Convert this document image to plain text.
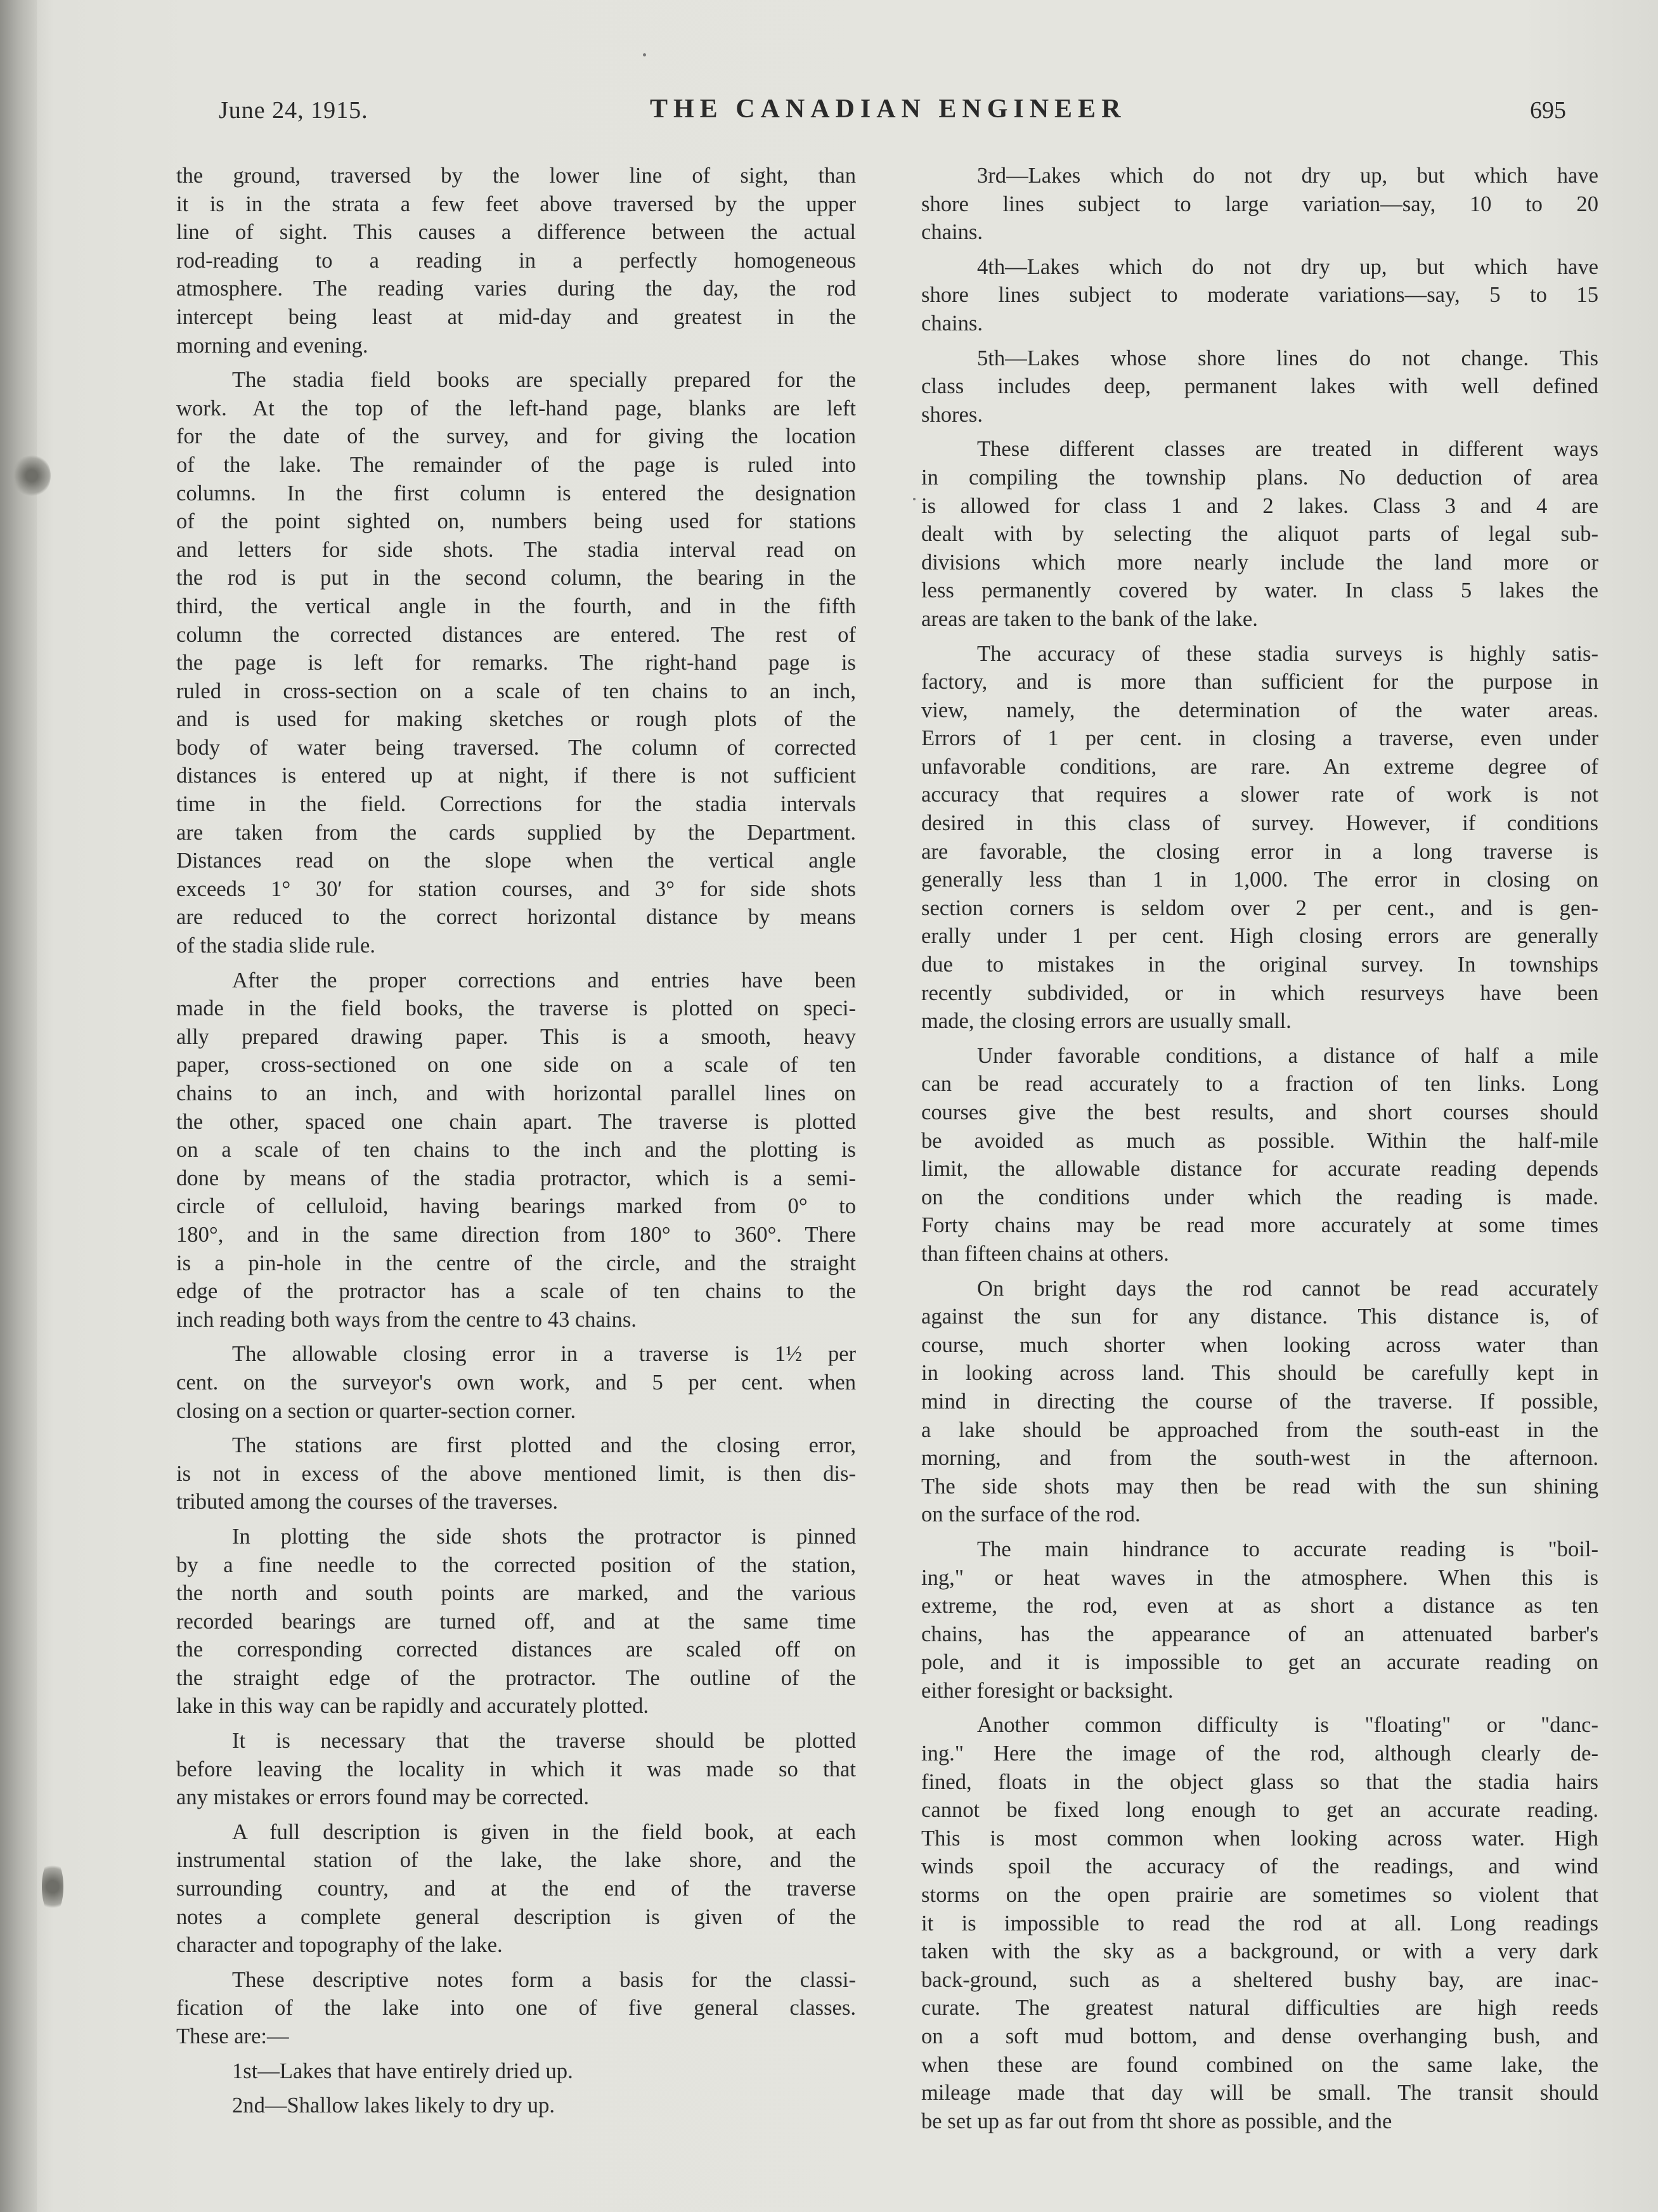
June 24, 1915.	THE CANADIAN ENGINEER	695
the ground, traversed by the lower line of sight, than
it is in the strata a few feet above traversed by the upper
line of sight. This causes a difference between the actual
rod-reading to a reading in a perfectly homogeneous
atmosphere. The reading varies during the day, the rod
intercept being least at mid-day and greatest in the
morning and evening.
The stadia field books are specially prepared for the
work. At the top of the left-hand page, blanks are left
for the date of the survey, and for giving the location
of the lake. The remainder of the page is ruled into
columns. In the first column is entered the designation
of the point sighted on, numbers being used for stations
and letters for side shots. The stadia interval read on
the rod is put in the second column, the bearing in the
third, the vertical angle in the fourth, and in the fifth
column the corrected distances are entered. The rest of
the page is left for remarks. The right-hand page is
ruled in cross-section on a scale of ten chains to an inch,
and is used for making sketches or rough plots of the
body of water being traversed. The column of corrected
distances is entered up at night, if there is not sufficient
time in the field. Corrections for the stadia intervals
are taken from the cards supplied by the Department.
Distances read on the slope when the vertical angle
exceeds 1° 30′ for station courses, and 3° for side shots
are reduced to the correct horizontal distance by means
of the stadia slide rule.
After the proper corrections and entries have been
made in the field books, the traverse is plotted on speci-
ally prepared drawing paper. This is a smooth, heavy
paper, cross-sectioned on one side on a scale of ten
chains to an inch, and with horizontal parallel lines on
the other, spaced one chain apart. The traverse is plotted
on a scale of ten chains to the inch and the plotting is
done by means of the stadia protractor, which is a semi-
circle of celluloid, having bearings marked from 0° to
180°, and in the same direction from 180° to 360°. There
is a pin-hole in the centre of the circle, and the straight
edge of the protractor has a scale of ten chains to the
inch reading both ways from the centre to 43 chains.
The allowable closing error in a traverse is 1½ per
cent. on the surveyor's own work, and 5 per cent. when
closing on a section or quarter-section corner.
The stations are first plotted and the closing error,
is not in excess of the above mentioned limit, is then dis-
tributed among the courses of the traverses.
In plotting the side shots the protractor is pinned
by a fine needle to the corrected position of the station,
the north and south points are marked, and the various
recorded bearings are turned off, and at the same time
the corresponding corrected distances are scaled off on
the straight edge of the protractor. The outline of the
lake in this way can be rapidly and accurately plotted.
It is necessary that the traverse should be plotted
before leaving the locality in which it was made so that
any mistakes or errors found may be corrected.
A full description is given in the field book, at each
instrumental station of the lake, the lake shore, and the
surrounding country, and at the end of the traverse
notes a complete general description is given of the
character and topography of the lake.
These descriptive notes form a basis for the classi-
fication of the lake into one of five general classes.
These are:—
1st—Lakes that have entirely dried up.
2nd—Shallow lakes likely to dry up.
3rd—Lakes which do not dry up, but which have
shore lines subject to large variation—say, 10 to 20
chains.
4th—Lakes which do not dry up, but which have
shore lines subject to moderate variations—say, 5 to 15
chains.
5th—Lakes whose shore lines do not change. This
class includes deep, permanent lakes with well defined
shores.
These different classes are treated in different ways
in compiling the township plans. No deduction of area
is allowed for class 1 and 2 lakes. Class 3 and 4 are
dealt with by selecting the aliquot parts of legal sub-
divisions which more nearly include the land more or
less permanently covered by water. In class 5 lakes the
areas are taken to the bank of the lake.
The accuracy of these stadia surveys is highly satis-
factory, and is more than sufficient for the purpose in
view, namely, the determination of the water areas.
Errors of 1 per cent. in closing a traverse, even under
unfavorable conditions, are rare. An extreme degree of
accuracy that requires a slower rate of work is not
desired in this class of survey. However, if conditions
are favorable, the closing error in a long traverse is
generally less than 1 in 1,000. The error in closing on
section corners is seldom over 2 per cent., and is gen-
erally under 1 per cent. High closing errors are generally
due to mistakes in the original survey. In townships
recently subdivided, or in which resurveys have been
made, the closing errors are usually small.
Under favorable conditions, a distance of half a mile
can be read accurately to a fraction of ten links. Long
courses give the best results, and short courses should
be avoided as much as possible. Within the half-mile
limit, the allowable distance for accurate reading depends
on the conditions under which the reading is made.
Forty chains may be read more accurately at some times
than fifteen chains at others.
On bright days the rod cannot be read accurately
against the sun for any distance. This distance is, of
course, much shorter when looking across water than
in looking across land. This should be carefully kept in
mind in directing the course of the traverse. If possible,
a lake should be approached from the south-east in the
morning, and from the south-west in the afternoon.
The side shots may then be read with the sun shining
on the surface of the rod.
The main hindrance to accurate reading is "boil-
ing," or heat waves in the atmosphere. When this is
extreme, the rod, even at as short a distance as ten
chains, has the appearance of an attenuated barber's
pole, and it is impossible to get an accurate reading on
either foresight or backsight.
Another common difficulty is "floating" or "danc-
ing." Here the image of the rod, although clearly de-
fined, floats in the object glass so that the stadia hairs
cannot be fixed long enough to get an accurate reading.
This is most common when looking across water. High
winds spoil the accuracy of the readings, and wind
storms on the open prairie are sometimes so violent that
it is impossible to read the rod at all. Long readings
taken with the sky as a background, or with a very dark
back-ground, such as a sheltered bushy bay, are inac-
curate. The greatest natural difficulties are high reeds
on a soft mud bottom, and dense overhanging bush, and
when these are found combined on the same lake, the
mileage made that day will be small. The transit should
be set up as far out from tht shore as possible, and the
